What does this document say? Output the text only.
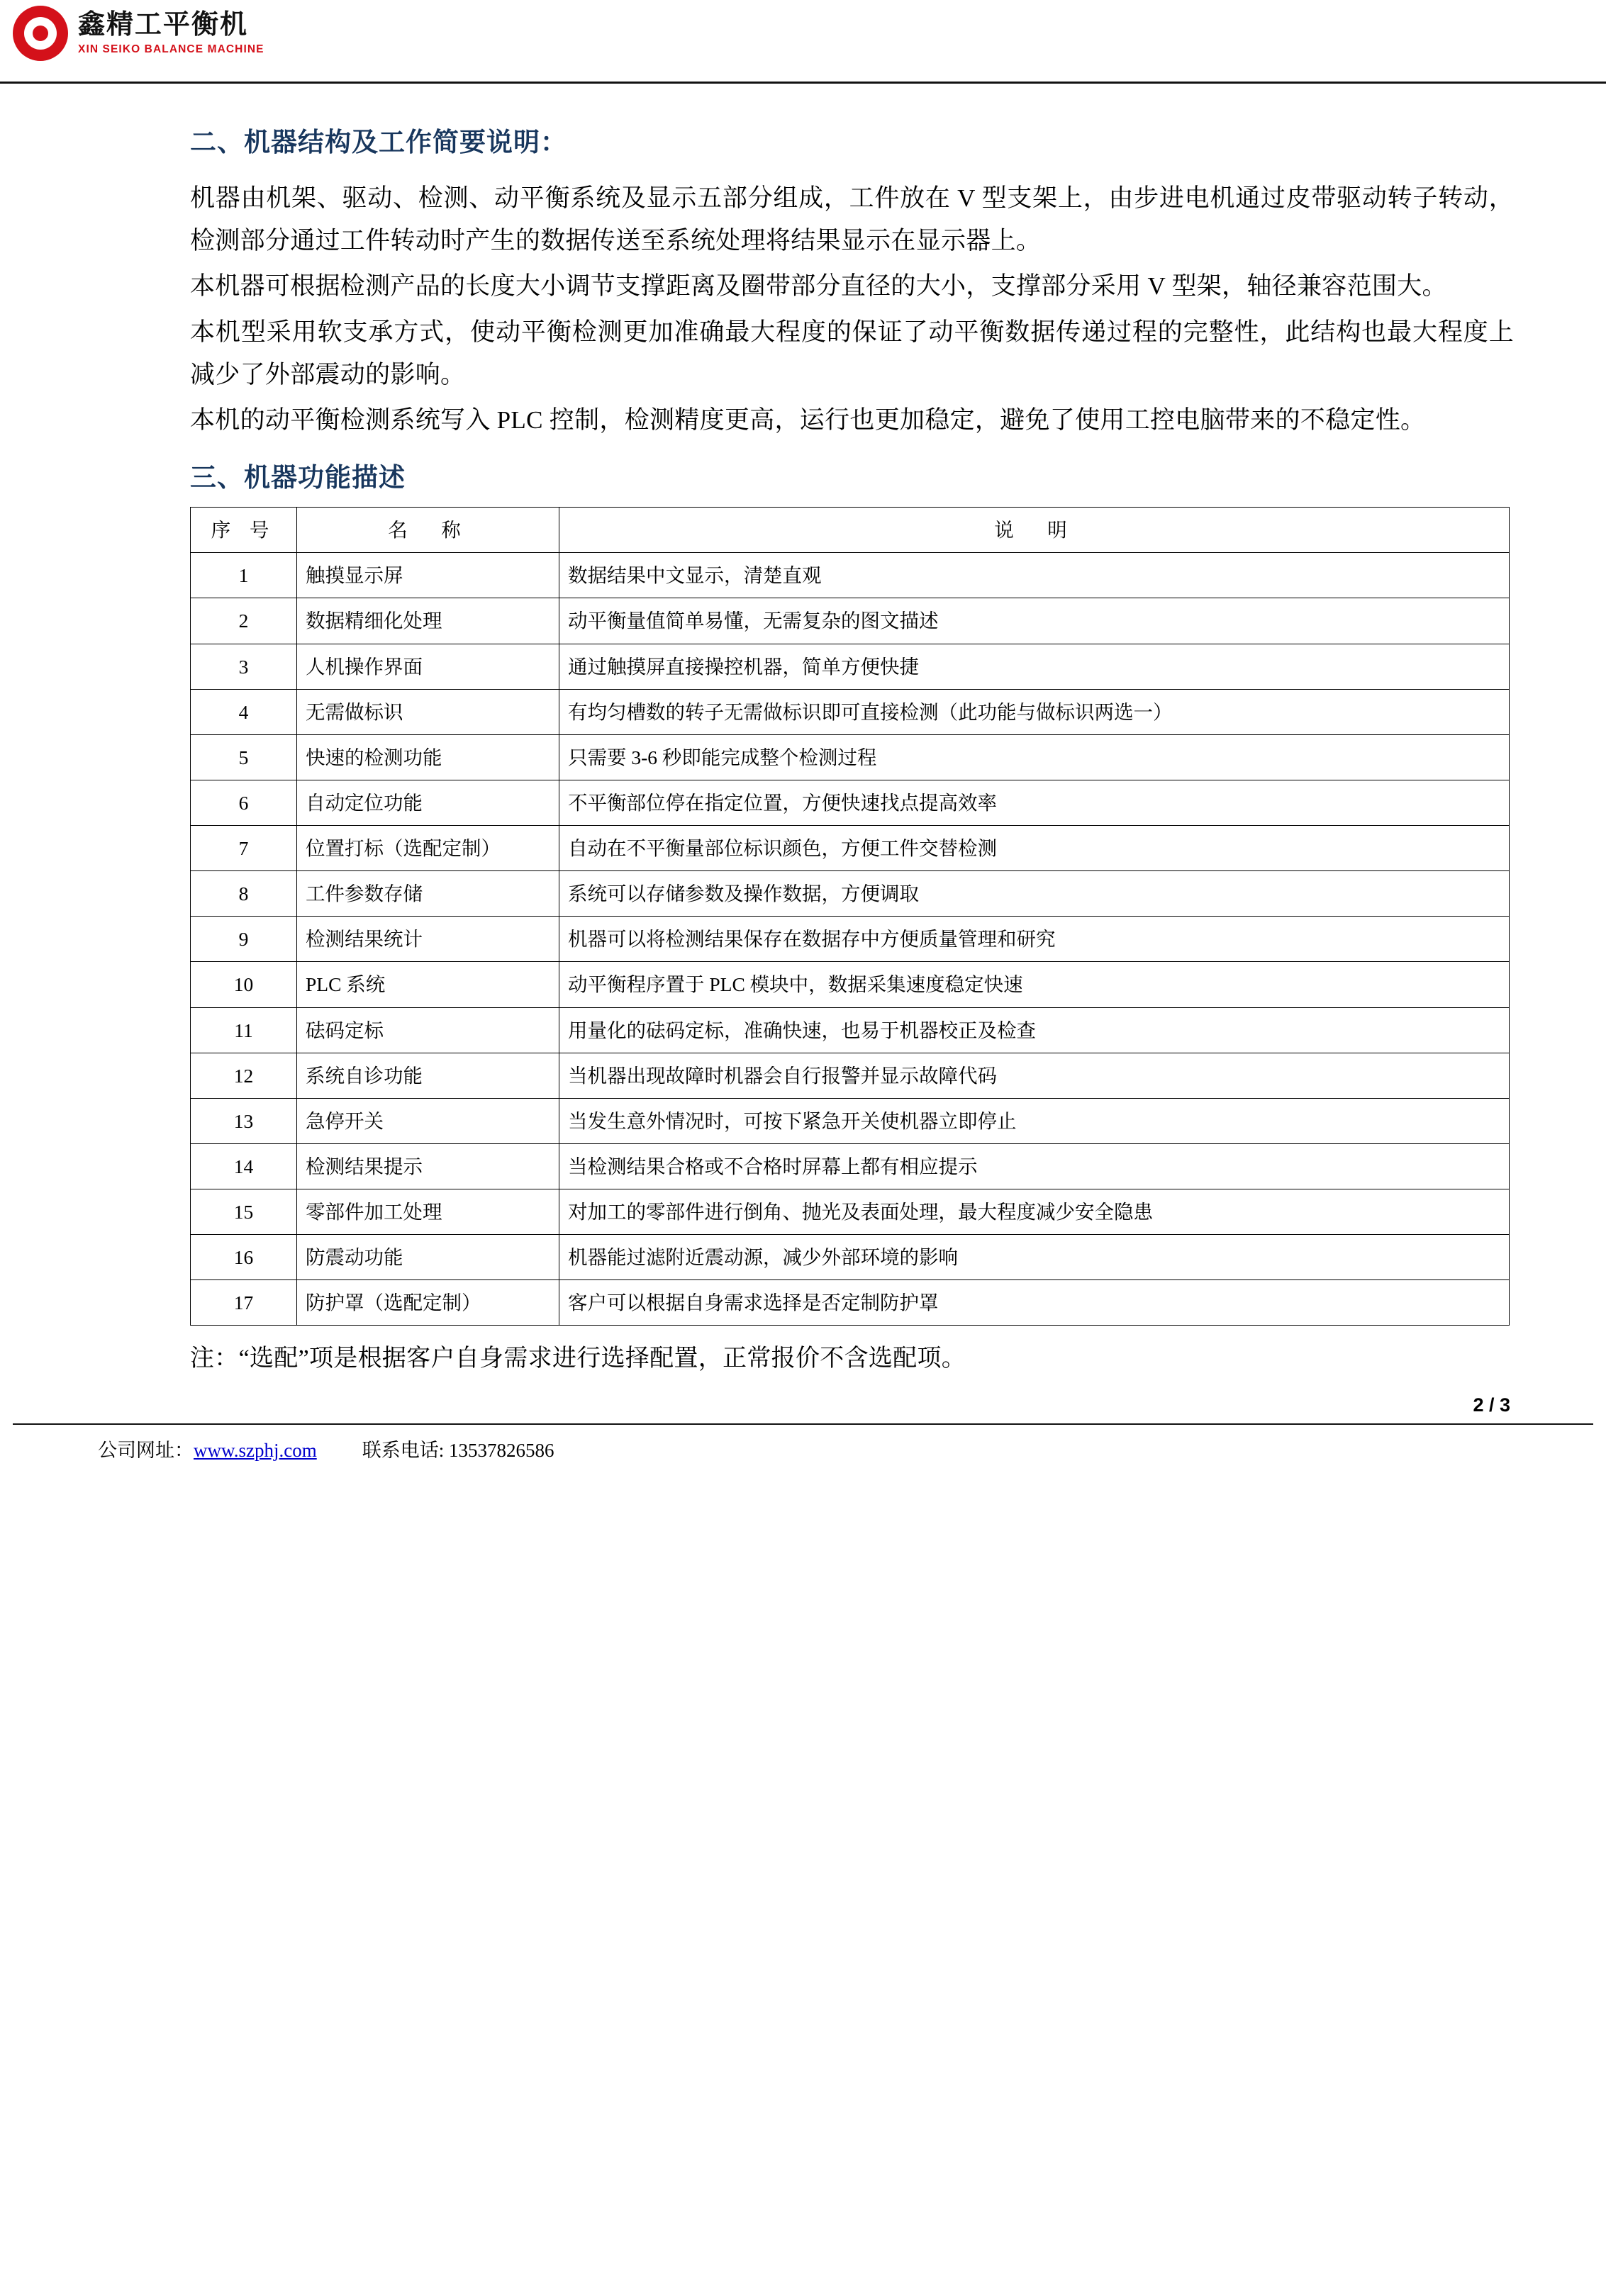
鑫精工平衡机
XIN SEIKO BALANCE MACHINE
二、机器结构及工作简要说明：

机器由机架、驱动、检测、动平衡系统及显示五部分组成，工件放在 V 型支架上，由步进电机通过皮带驱动转子转动，检测部分通过工件转动时产生的数据传送至系统处理将结果显示在显示器上。

本机器可根据检测产品的长度大小调节支撑距离及圈带部分直径的大小，支撑部分采用 V 型架，轴径兼容范围大。

本机型采用软支承方式，使动平衡检测更加准确最大程度的保证了动平衡数据传递过程的完整性，此结构也最大程度上减少了外部震动的影响。

本机的动平衡检测系统写入 PLC 控制，检测精度更高，运行也更加稳定，避免了使用工控电脑带来的不稳定性。

三、机器功能描述
序 号	名　称	说　明
1	触摸显示屏	数据结果中文显示，清楚直观
2	数据精细化处理	动平衡量值简单易懂，无需复杂的图文描述
3	人机操作界面	通过触摸屏直接操控机器，简单方便快捷
4	无需做标识	有均匀槽数的转子无需做标识即可直接检测（此功能与做标识两选一）
5	快速的检测功能	只需要 3-6 秒即能完成整个检测过程
6	自动定位功能	不平衡部位停在指定位置，方便快速找点提高效率
7	位置打标（选配定制）	自动在不平衡量部位标识颜色，方便工件交替检测
8	工件参数存储	系统可以存储参数及操作数据，方便调取
9	检测结果统计	机器可以将检测结果保存在数据存中方便质量管理和研究
10	PLC 系统	动平衡程序置于 PLC 模块中，数据采集速度稳定快速
11	砝码定标	用量化的砝码定标，准确快速，也易于机器校正及检查
12	系统自诊功能	当机器出现故障时机器会自行报警并显示故障代码
13	急停开关	当发生意外情况时，可按下紧急开关使机器立即停止
14	检测结果提示	当检测结果合格或不合格时屏幕上都有相应提示
15	零部件加工处理	对加工的零部件进行倒角、抛光及表面处理，最大程度减少安全隐患
16	防震动功能	机器能过滤附近震动源，减少外部环境的影响
17	防护罩（选配定制）	客户可以根据自身需求选择是否定制防护罩
注：“选配”项是根据客户自身需求进行选择配置，正常报价不含选配项。
2 / 3
公司网址：www.szphj.com 联系电话: 13537826586
